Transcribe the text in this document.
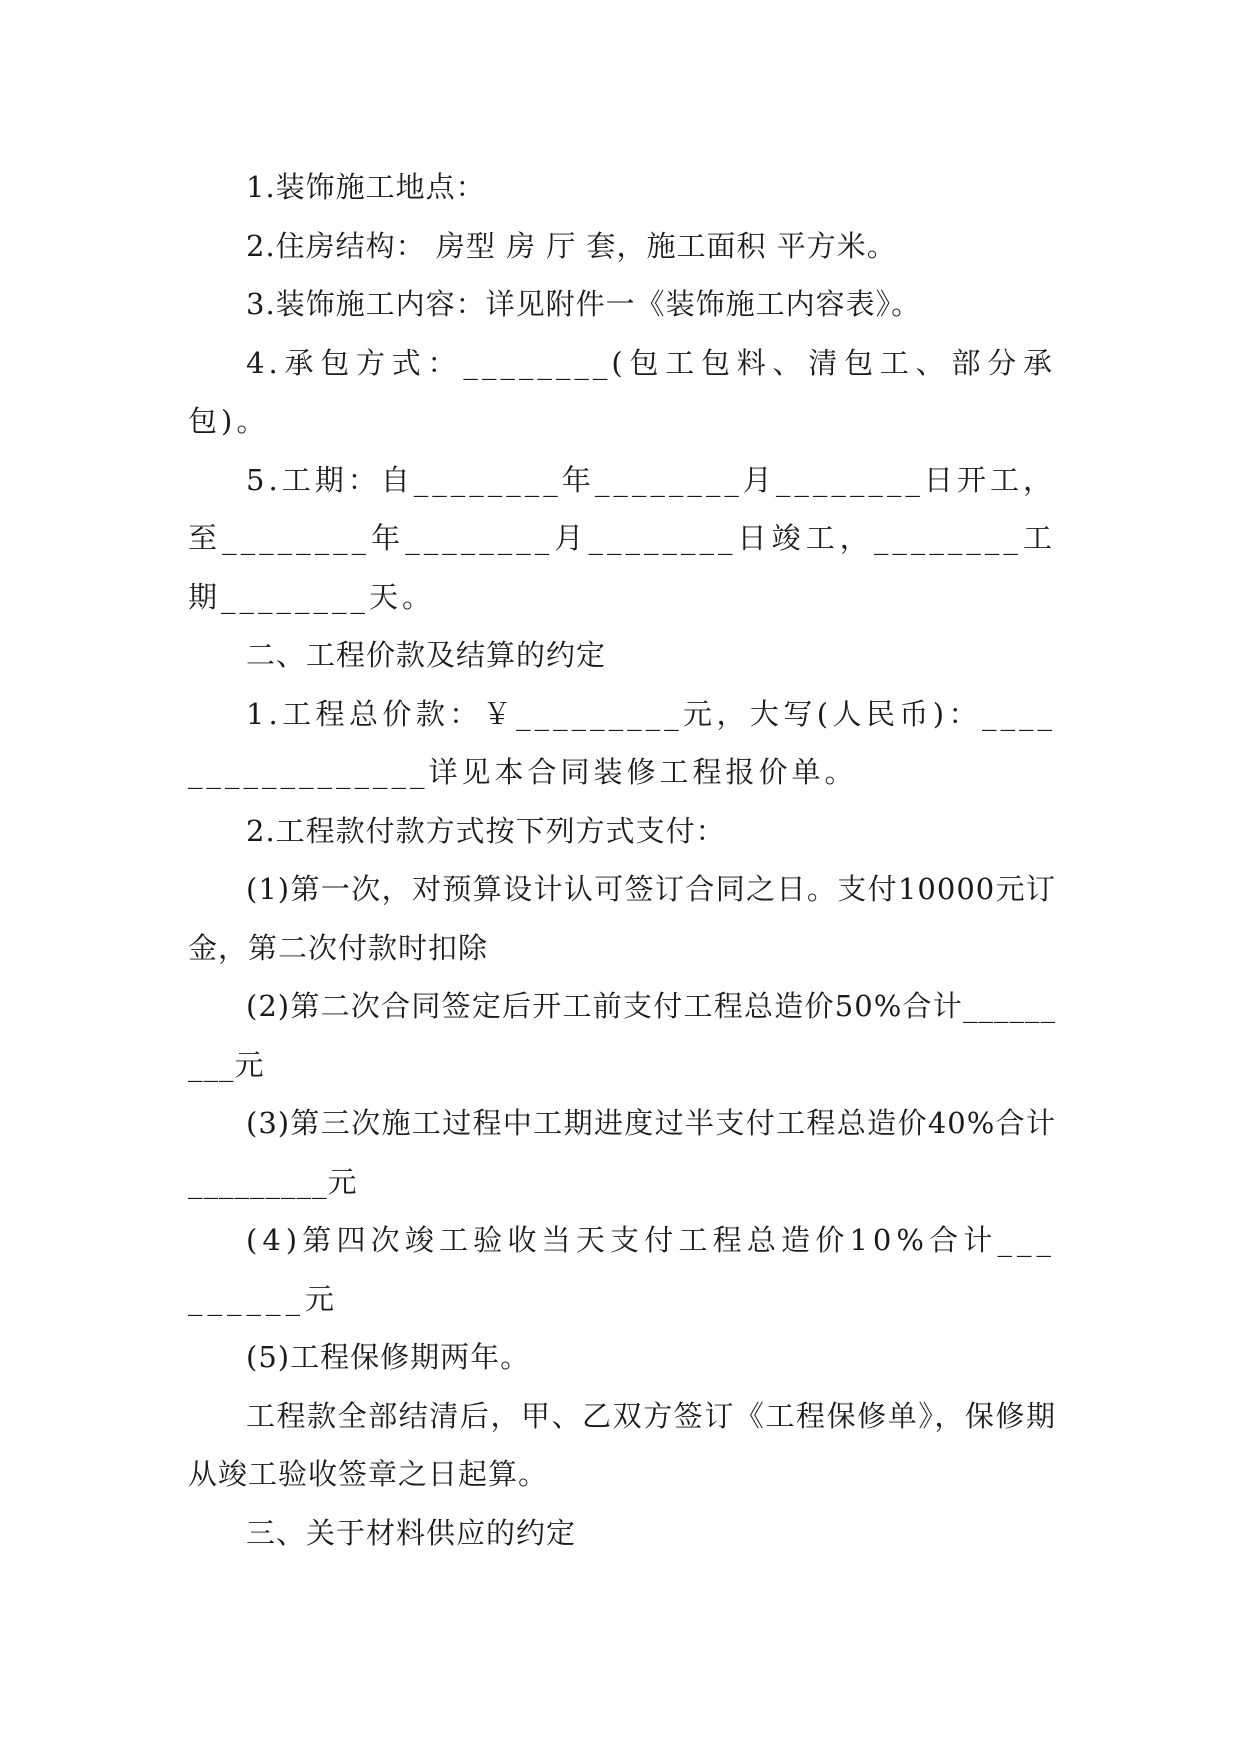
1.装饰施工地点：

2.住房结构： 房型 房 厅 套，施工面积 平方米。

3.装饰施工内容：详见附件一《装饰施工内容表》。

4.承包方式：________(包工包料、清包工、部分承包)。

5.工期：自________年________月________日开工，至________年________月________日竣工，________工期________天。

二、工程价款及结算的约定

1.工程总价款：￥_________元，大写(人民币)：_________________详见本合同装修工程报价单。

2.工程款付款方式按下列方式支付：

(1)第一次，对预算设计认可签订合同之日。支付10000元订金，第二次付款时扣除

(2)第二次合同签定后开工前支付工程总造价50%合计_________元

(3)第三次施工过程中工期进度过半支付工程总造价40%合计_________元

(4)第四次竣工验收当天支付工程总造价10%合计_________元

(5)工程保修期两年。

工程款全部结清后，甲、乙双方签订《工程保修单》，保修期从竣工验收签章之日起算。

三、关于材料供应的约定
